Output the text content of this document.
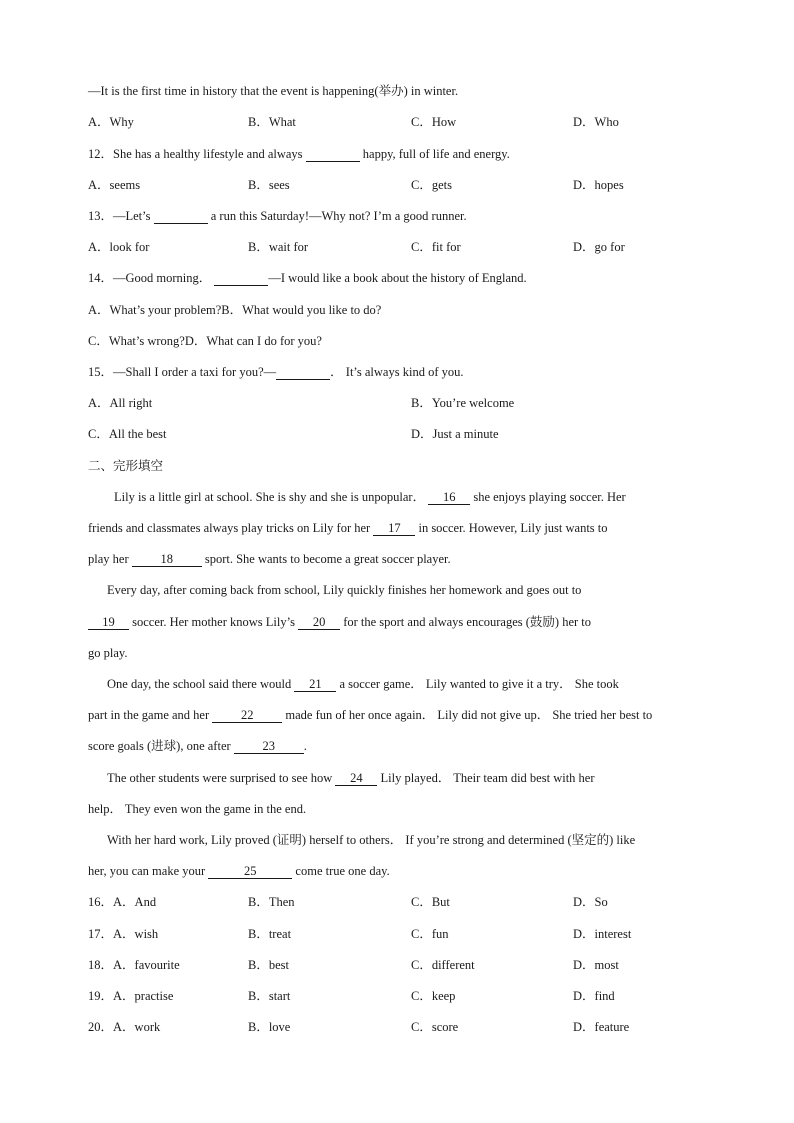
—It is the first time in history that the event is happening(举办) in winter.
A．Why	B．What	C．How	D．Who
12．She has a healthy lifestyle and always	happy, full of life and energy.
A．seems	B．sees	C．gets	D．hopes
13．—Let’s	a run this Saturday!—Why not? I’m a good runner.
A．look for	B．wait for	C．fit for	D．go for
14．—Good morning．	—I would like a book about the history of England.
A．What’s your problem?B．What would you like to do?
C．What’s wrong?D．What can I do for you?
15．—Shall I order a taxi for you?—	． It’s always kind of you.
A．All right	B．You’re welcome
C．All the best	D．Just a minute
二、完形填空
Lily is a little girl at school. She is shy and she is unpopular． 16 she enjoys playing soccer. Her
friends and classmates always play tricks on Lily for her 17 in soccer. However, Lily just wants to
play her 18 sport. She wants to become a great soccer player.
Every day, after coming back from school, Lily quickly finishes her homework and goes out to
19 soccer. Her mother knows Lily’s 20 for the sport and always encourages (鼓励) her to
go play.
One day, the school said there would 21 a soccer game． Lily wanted to give it a try． She took
part in the game and her 22 made fun of her once again． Lily did not give up． She tried her best to
score goals (进球), one after 23 .
The other students were surprised to see how 24 Lily played． Their team did best with her
help． They even won the game in the end.
With her hard work, Lily proved (证明) herself to others． If you’re strong and determined (坚定的) like
her, you can make your	25	come true one day.
16．A．And	B．Then	C．But	D．So
17．A．wish	B．treat	C．fun	D．interest
18．A．favourite	B．best	C．different	D．most
19．A．practise	B．start	C．keep	D．find
20．A．work	B．love	C．score	D．feature
